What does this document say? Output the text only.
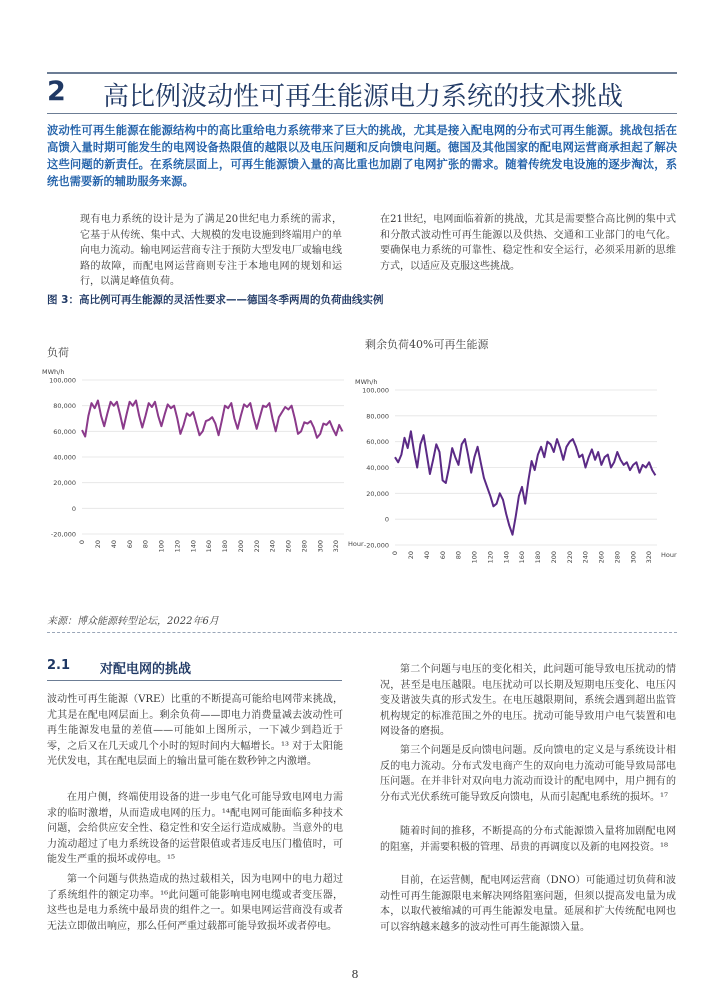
2 高比例波动性可再生能源电力系统的技术挑战
波动性可再生能源在能源结构中的高比重给电力系统带来了巨大的挑战，尤其是接入配电网的分布式可再生能源。挑战包括在高馈入量时期可能发生的电网设备热限值的越限以及电压问题和反向馈电问题。德国及其他国家的配电网运营商承担起了解决这些问题的新责任。在系统层面上，可再生能源馈入量的高比重也加剧了电网扩张的需求。随着传统发电设施的逐步淘汰，系统也需要新的辅助服务来源。
现有电力系统的设计是为了满足20世纪电力系统的需求，它基于从传统、集中式、大规模的发电设施到终端用户的单向电力流动。输电网运营商专注于预防大型发电厂或输电线路的故障，而配电网运营商则专注于本地电网的规划和运行，以满足峰值负荷。
在21世纪，电网面临着新的挑战，尤其是需要整合高比例的集中式和分散式波动性可再生能源以及供热、交通和工业部门的电气化。要确保电力系统的可靠性、稳定性和安全运行，必须采用新的思维方式，以适应及克服这些挑战。
图 3：高比例可再生能源的灵活性要求——德国冬季两周的负荷曲线实例
负荷
剩余负荷40%可再生能源
MWh/h
100,000
80,000
60,000
40,000
20,000
0
-20,000
0 20 40 60 80 100 120 140 160 180 200 220 240 260 280 300 320 Hour
MWh/h
100,000
80,000
60,000
40,000
20,000
0
-20,000
0 20 40 60 80 100 120 140 160 180 200 220 240 260 280 300 320 Hour
来源：博众能源转型论坛，2022年6月
2.1 对配电网的挑战
波动性可再生能源（VRE）比重的不断提高可能给电网带来挑战，尤其是在配电网层面上。剩余负荷——即电力消费量减去波动性可再生能源发电量的差值——可能如上图所示，一下减少到趋近于零，之后又在几天或几个小时的短时间内大幅增长。¹³ 对于太阳能光伏发电，其在配电层面上的输出量可能在数秒钟之内激增。
在用户侧，终端使用设备的进一步电气化可能导致电网电力需求的临时激增，从而造成电网的压力。¹⁴配电网可能面临多种技术问题，会给供应安全性、稳定性和安全运行造成威胁。当意外的电力流动超过了电力系统设备的运营限值或者违反电压门槛值时，可能发生严重的损坏或停电。¹⁵
第一个问题与供热造成的热过载相关，因为电网中的电力超过了系统组件的额定功率。¹⁶此问题可能影响电网电缆或者变压器，这些也是电力系统中最昂贵的组件之一。如果电网运营商没有或者无法立即做出响应，那么任何严重过载都可能导致损坏或者停电。
第二个问题与电压的变化相关，此问题可能导致电压扰动的情况，甚至是电压越限。电压扰动可以长期及短期电压变化、电压闪变及谐波失真的形式发生。在电压越限期间，系统会遇到超出监管机构规定的标准范围之外的电压。扰动可能导致用户电气装置和电网设备的磨损。
第三个问题是反向馈电问题。反向馈电的定义是与系统设计相反的电力流动。分布式发电商产生的双向电力流动可能导致局部电压问题。在并非针对双向电力流动而设计的配电网中，用户拥有的分布式光伏系统可能导致反向馈电，从而引起配电系统的损坏。¹⁷
随着时间的推移，不断提高的分布式能源馈入量将加剧配电网的阻塞，并需要积极的管理、昂贵的再调度以及新的电网投资。¹⁸
目前，在运营侧，配电网运营商（DNO）可能通过切负荷和波动性可再生能源限电来解决网络阻塞问题，但须以提高发电量为成本，以取代被缩减的可再生能源发电量。延展和扩大传统配电网也可以容纳越来越多的波动性可再生能源馈入量。
8
